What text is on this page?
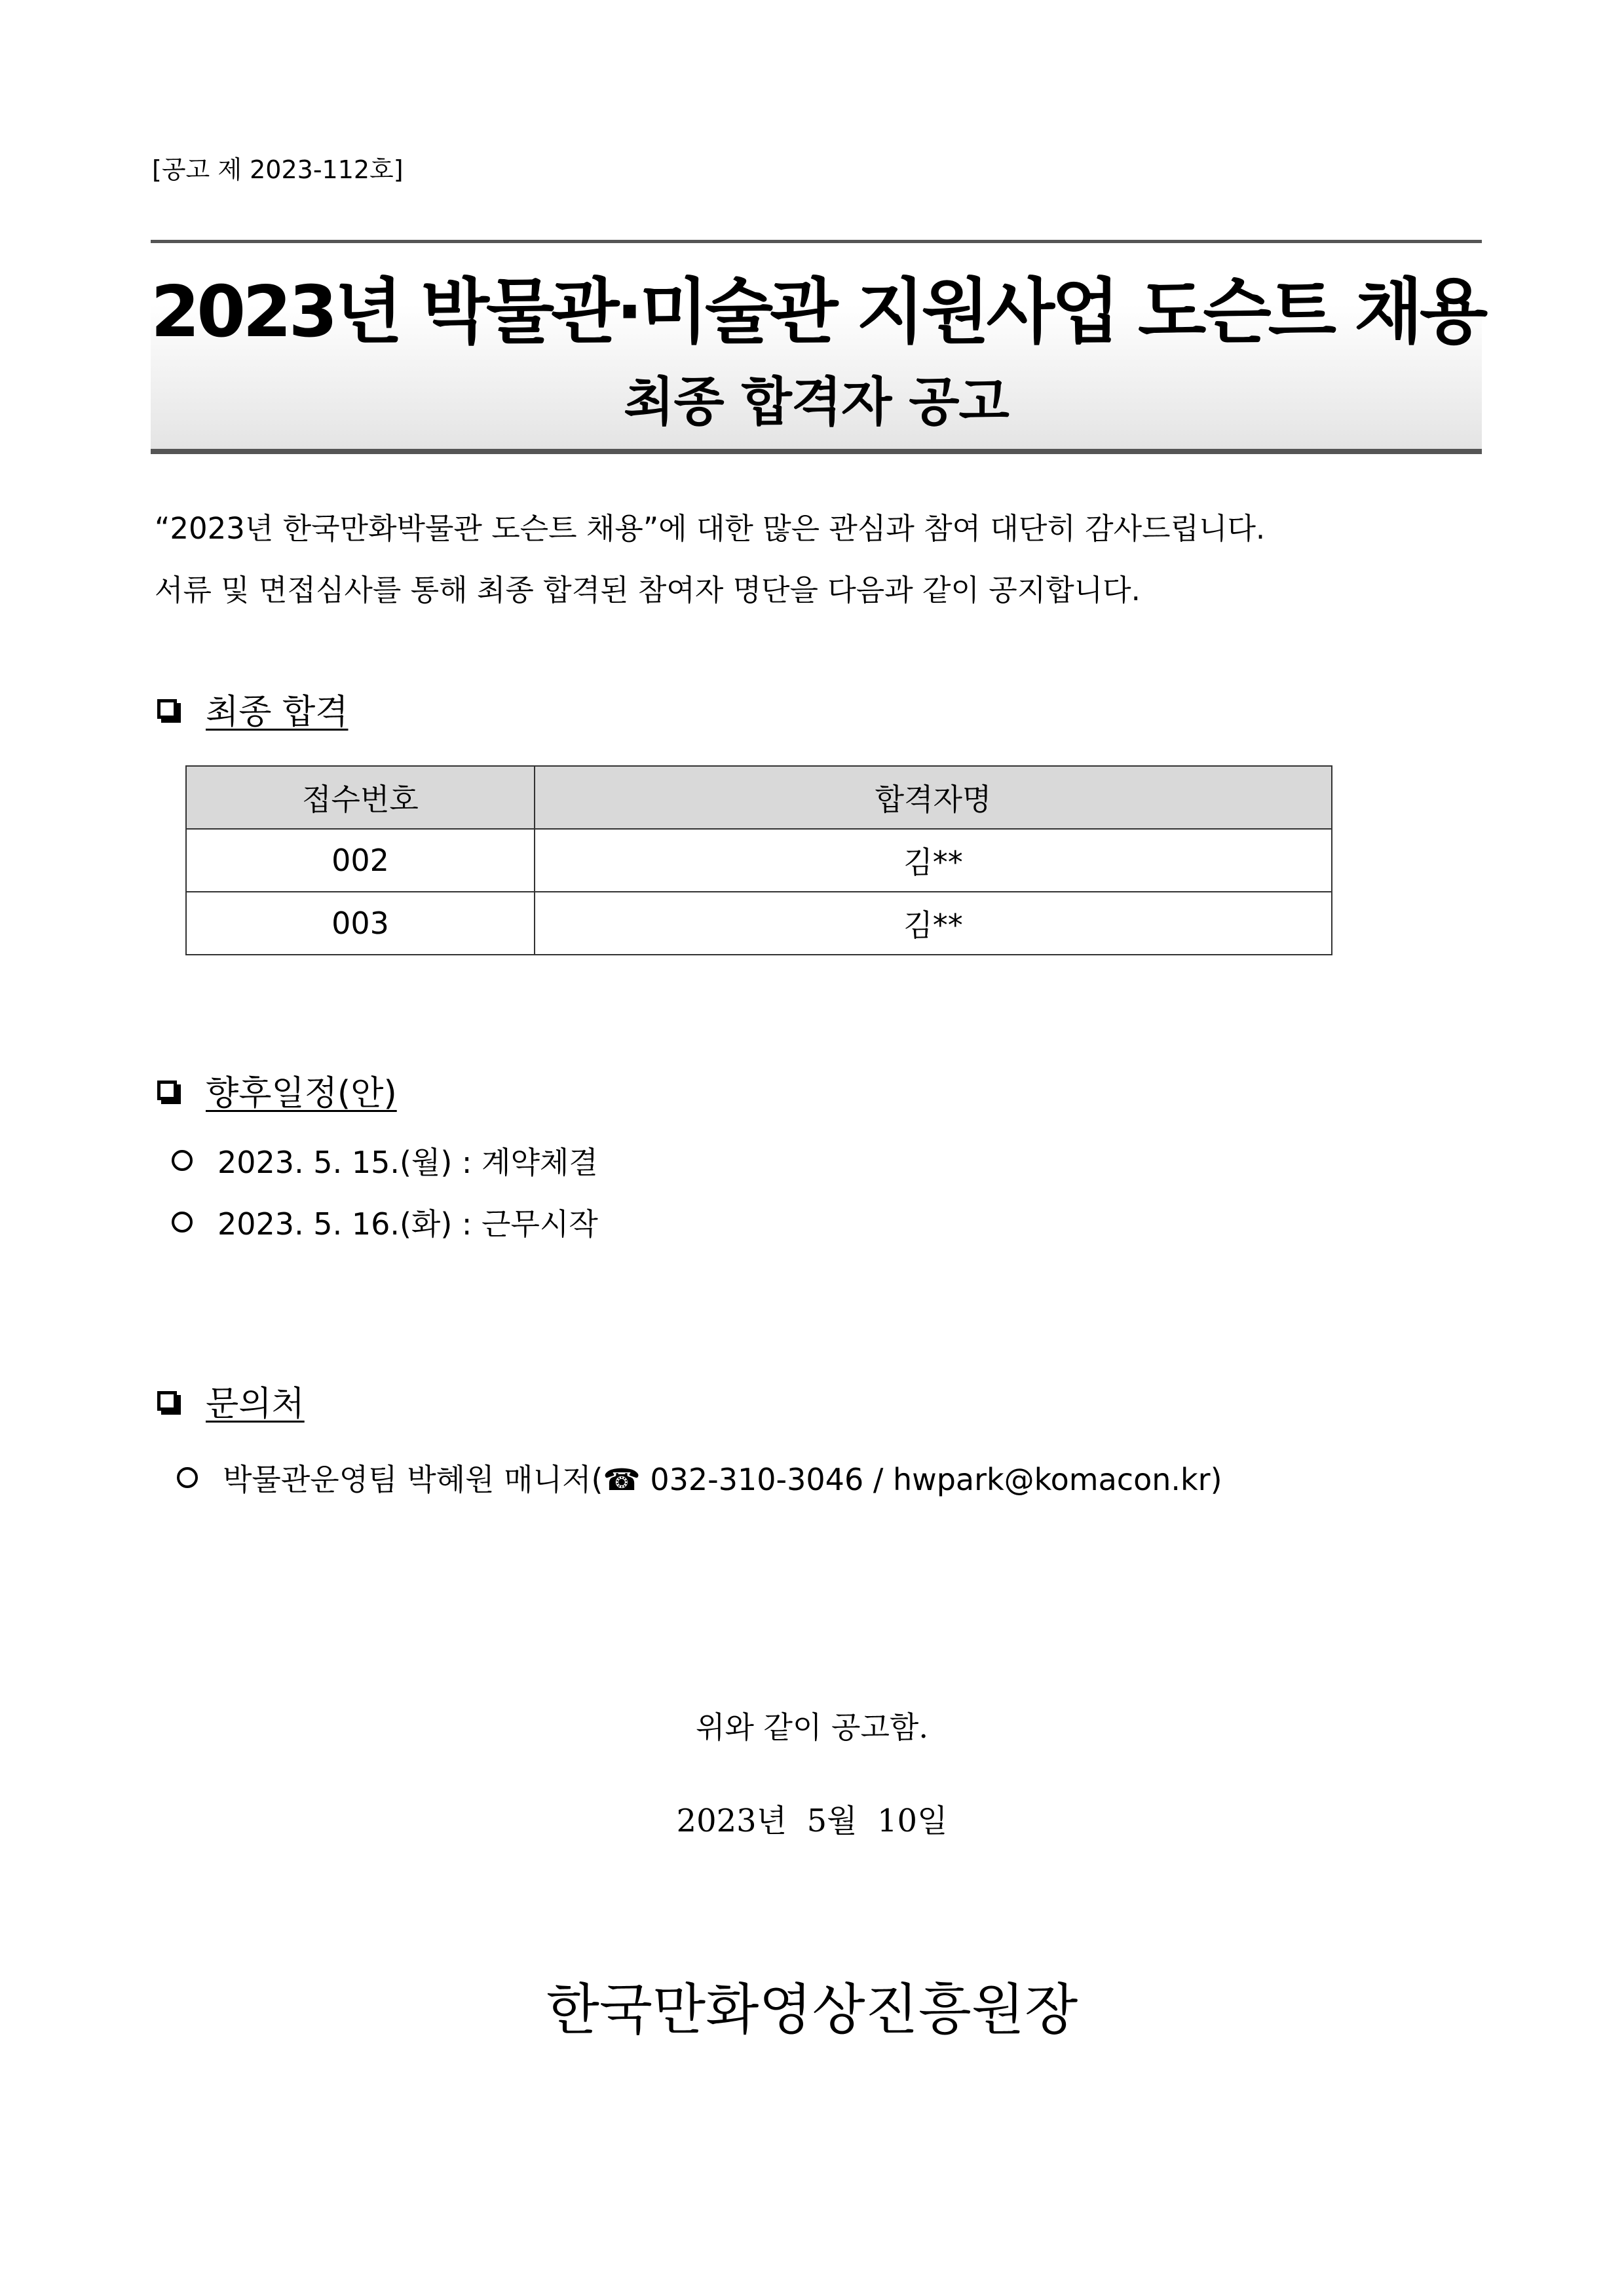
[공고 제 2023-112호]
2023년 박물관·미술관 지원사업 도슨트 채용
최종 합격자 공고
“2023년 한국만화박물관 도슨트 채용”에 대한 많은 관심과 참여 대단히 감사드립니다.
서류 및 면접심사를 통해 최종 합격된 참여자 명단을 다음과 같이 공지합니다.
최종 합격
접수번호	합격자명
002	김**
003	김**
향후일정(안)
2023. 5. 15.(월) : 계약체결
2023. 5. 16.(화) : 근무시작
문의처
박물관운영팀 박혜원 매니저(☎ 032-310-3046 / hwpark@komacon.kr)
위와 같이 공고함.
2023년  5월  10일
한국만화영상진흥원장
